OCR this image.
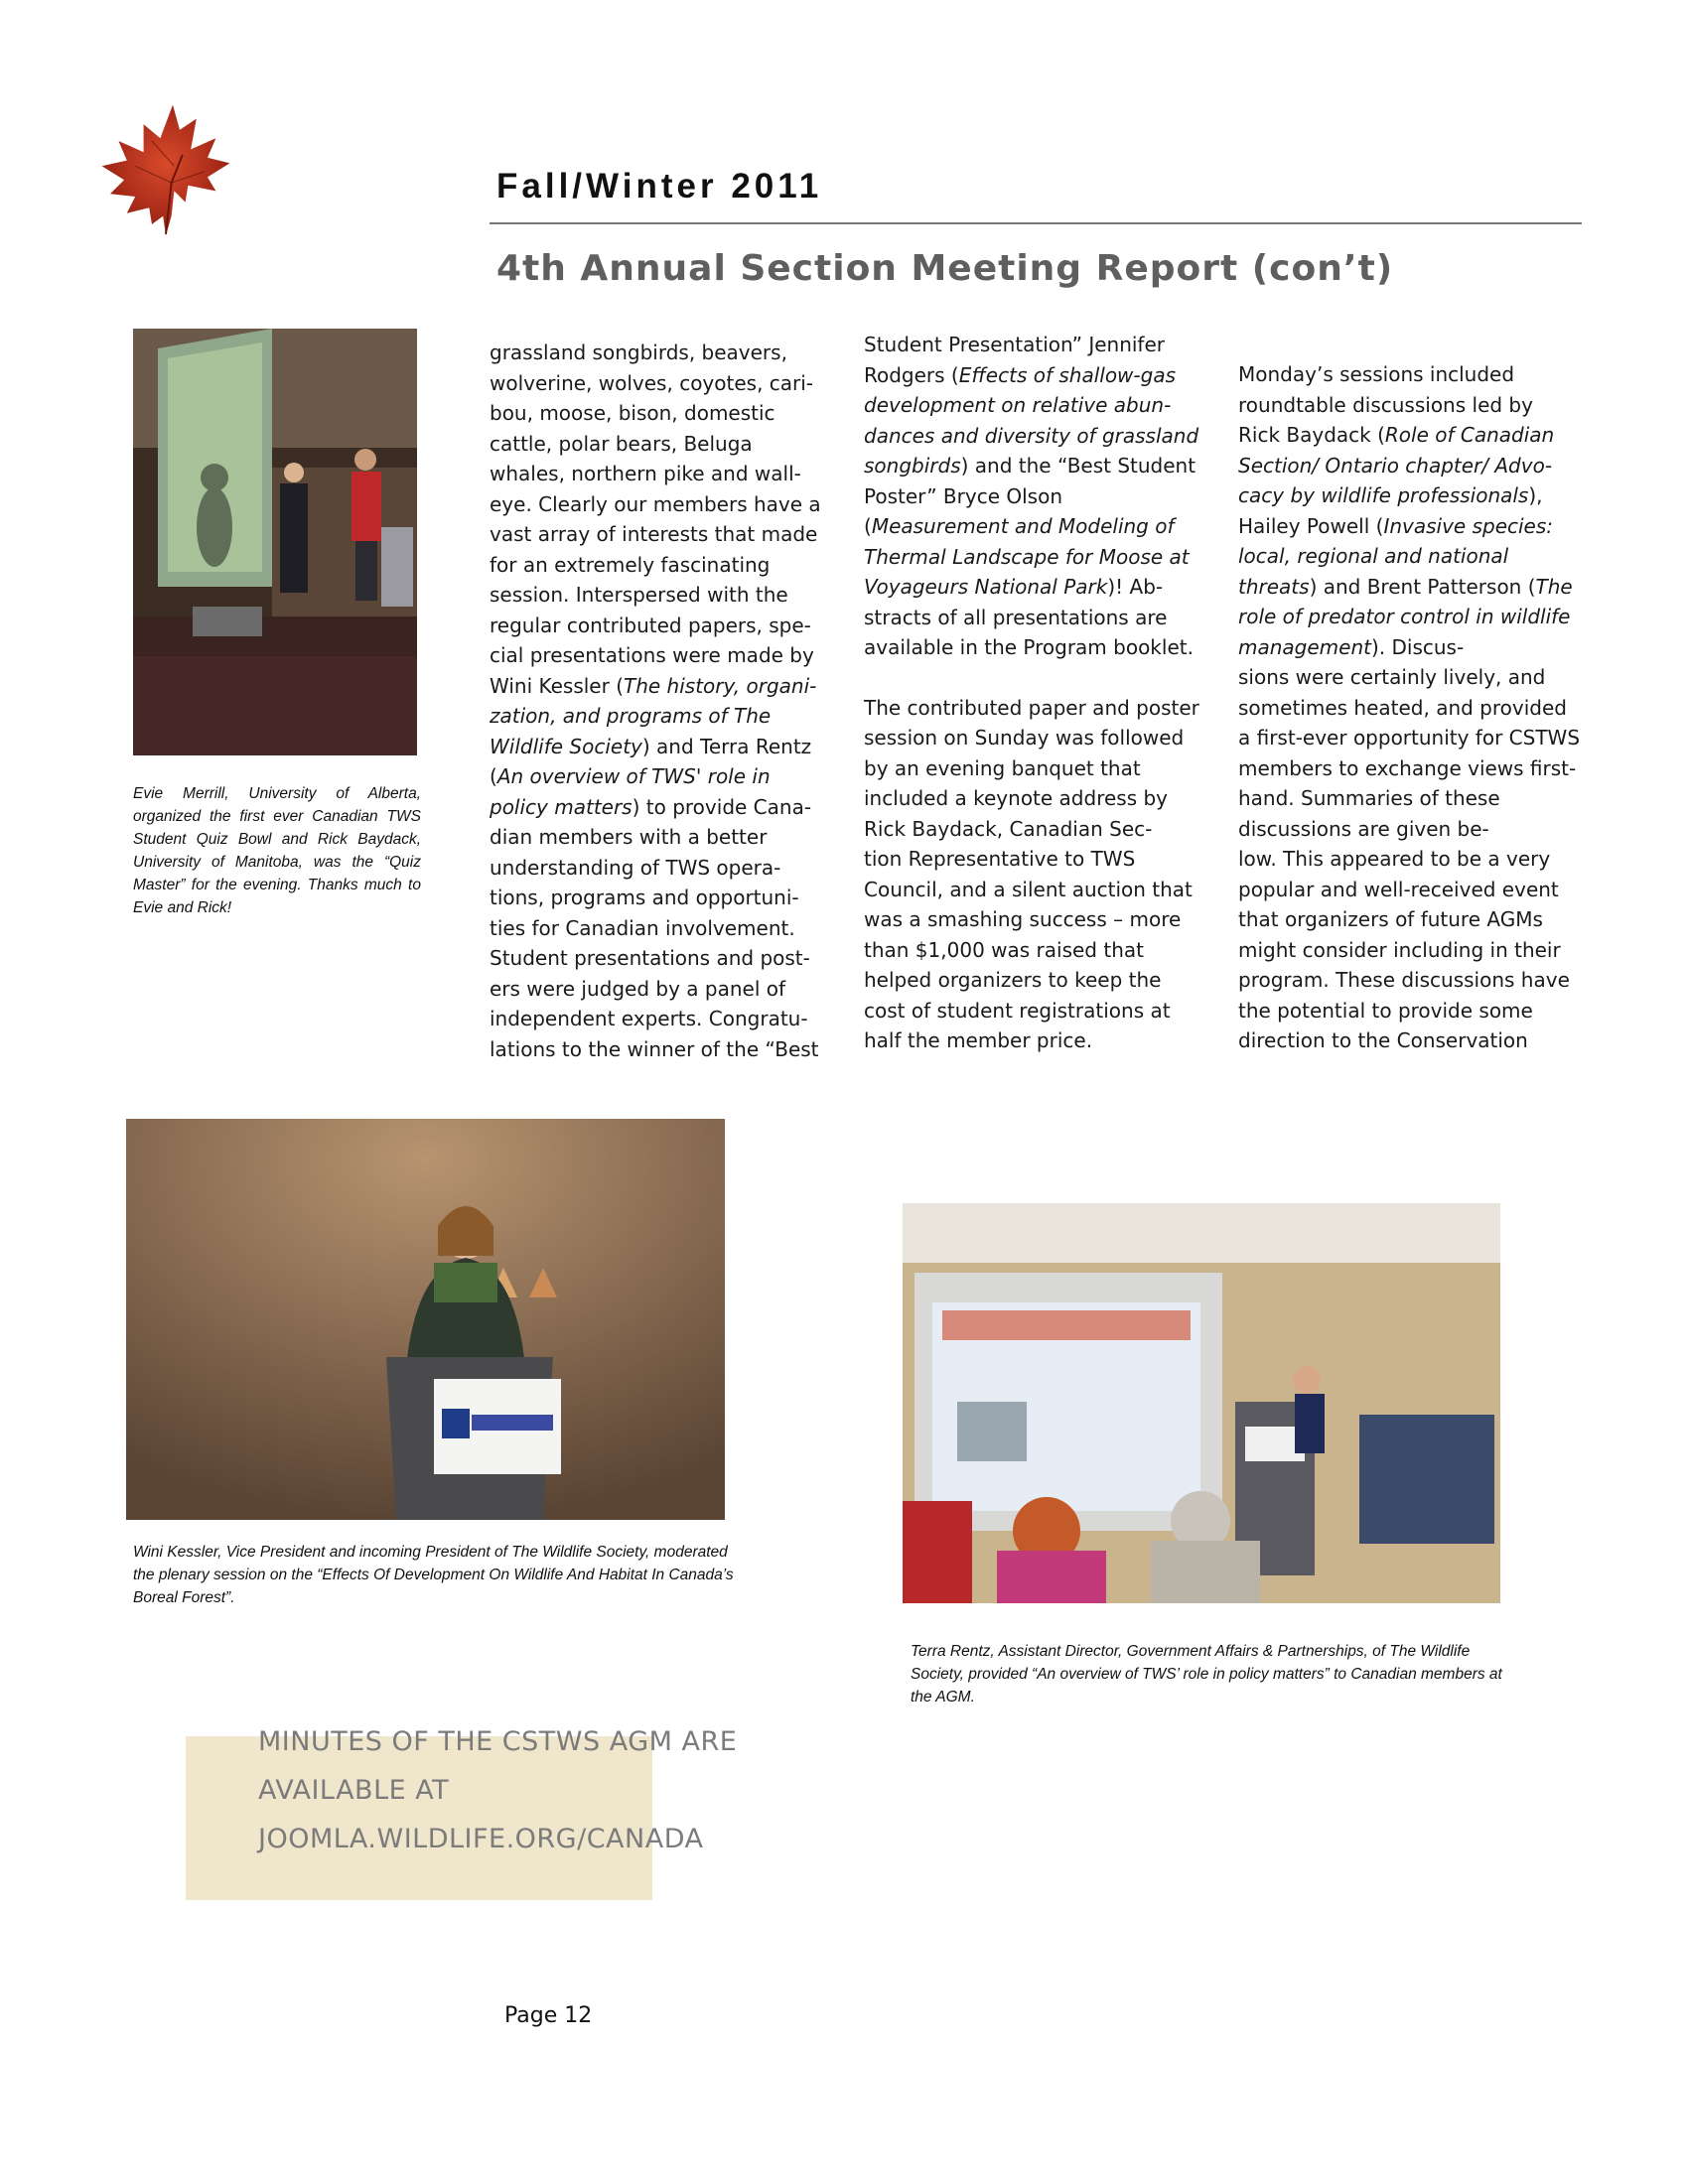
Fall/Winter 2011
4th Annual Section Meeting Report (con’t)
Evie Merrill, University of Alberta, organized the first ever Canadian TWS Student Quiz Bowl and Rick Baydack, University of Manitoba, was the “Quiz Master” for the evening. Thanks much to Evie and Rick!

grassland songbirds, beavers, wolverine, wolves, coyotes, cari-
bou, moose, bison, domestic cattle, polar bears, Beluga whales, northern pike and wall-
eye. Clearly our members have a vast array of interests that made for an extremely fascinating session. Interspersed with the regular contributed papers, spe-
cial presentations were made by Wini Kessler (The history, organi-
zation, and programs of The Wildlife Society) and Terra Rentz (An overview of TWS' role in policy matters) to provide Cana-
dian members with a better understanding of TWS opera-
tions, programs and opportuni-
ties for Canadian involvement. Student presentations and post-
ers were judged by a panel of independent experts. Congratu-
lations to the winner of the “Best

Student Presentation” Jennifer Rodgers (Effects of shallow-gas development on relative abun-
dances and diversity of grassland songbirds) and the “Best Student Poster” Bryce Olson (Measurement and Modeling of Thermal Landscape for Moose at Voyageurs National Park)! Ab-
stracts of all presentations are available in the Program booklet.

The contributed paper and poster session on Sunday was followed by an evening banquet that included a keynote address by Rick Baydack, Canadian Sec-
tion Representative to TWS Council, and a silent auction that was a smashing success – more than $1,000 was raised that helped organizers to keep the cost of student registrations at half the member price.

Monday’s sessions included roundtable discussions led by Rick Baydack (Role of Canadian Section/ Ontario chapter/ Advo-
cacy by wildlife professionals), Hailey Powell (Invasive species: local, regional and national threats) and Brent Patterson (The role of predator control in wildlife management). Discus-
sions were certainly lively, and sometimes heated, and provided a first-ever opportunity for CSTWS members to exchange views first-hand. Summaries of these discussions are given be-
low. This appeared to be a very popular and well-received event that organizers of future AGMs might consider including in their program. These discussions have the potential to provide some direction to the Conservation

Wini Kessler, Vice President and incoming President of The Wildlife Society, moderated the plenary session on the “Effects Of Development On Wildlife And Habitat In Canada’s Boreal Forest”.
Terra Rentz, Assistant Director, Government Affairs & Partnerships, of The Wildlife Society, provided “An overview of TWS’ role in policy matters” to Canadian members at the AGM.
MINUTES OF THE CSTWS AGM ARE
AVAILABLE AT
JOOMLA.WILDLIFE.ORG/CANADA
Page 12
